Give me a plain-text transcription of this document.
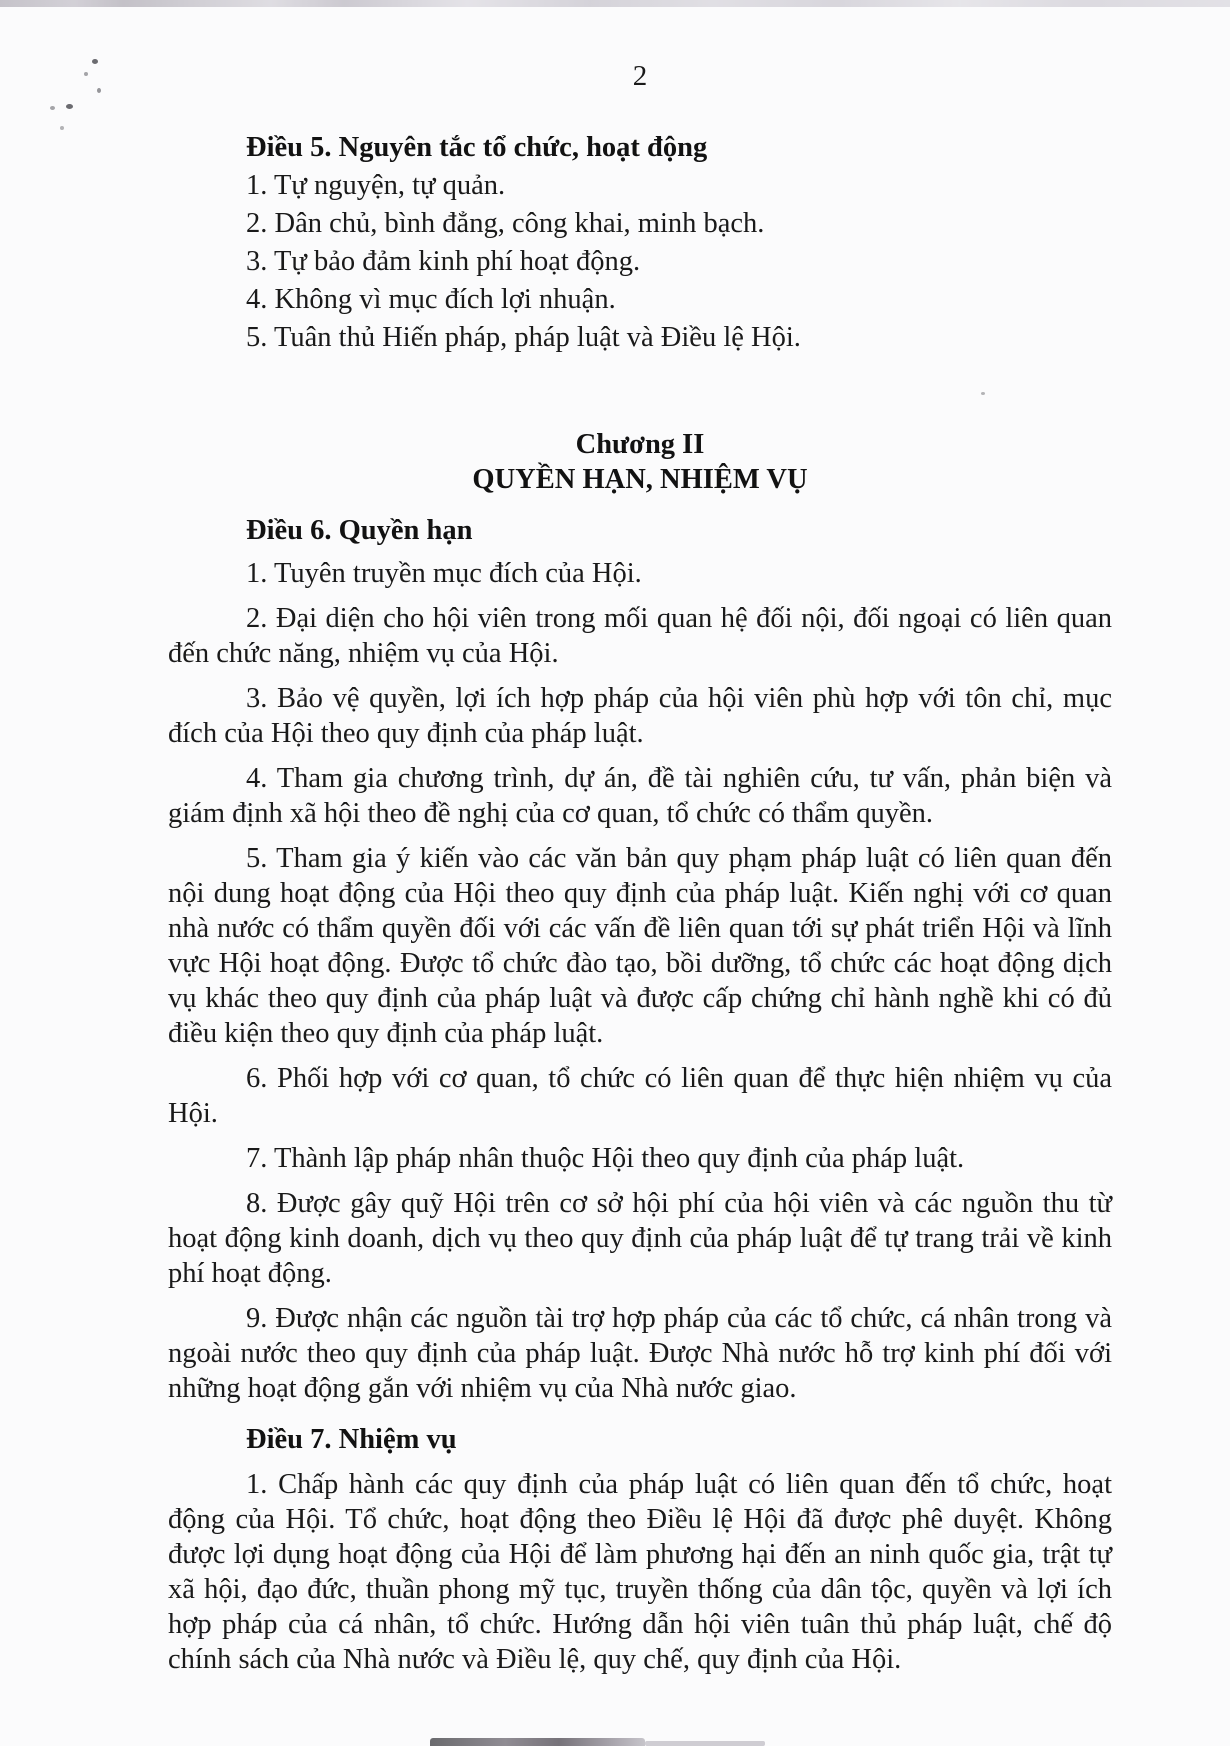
2
Điều 5. Nguyên tắc tổ chức, hoạt động

1. Tự nguyện, tự quản.

2. Dân chủ, bình đẳng, công khai, minh bạch.

3. Tự bảo đảm kinh phí hoạt động.

4. Không vì mục đích lợi nhuận.

5. Tuân thủ Hiến pháp, pháp luật và Điều lệ Hội.

Chương II
QUYỀN HẠN, NHIỆM VỤ
Điều 6. Quyền hạn

1. Tuyên truyền mục đích của Hội.

2. Đại diện cho hội viên trong mối quan hệ đối nội, đối ngoại có liên quan đến chức năng, nhiệm vụ của Hội.

3. Bảo vệ quyền, lợi ích hợp pháp của hội viên phù hợp với tôn chỉ, mục đích của Hội theo quy định của pháp luật.

4. Tham gia chương trình, dự án, đề tài nghiên cứu, tư vấn, phản biện và giám định xã hội theo đề nghị của cơ quan, tổ chức có thẩm quyền.

5. Tham gia ý kiến vào các văn bản quy phạm pháp luật có liên quan đến nội dung hoạt động của Hội theo quy định của pháp luật. Kiến nghị với cơ quan nhà nước có thẩm quyền đối với các vấn đề liên quan tới sự phát triển Hội và lĩnh vực Hội hoạt động. Được tổ chức đào tạo, bồi dưỡng, tổ chức các hoạt động dịch vụ khác theo quy định của pháp luật và được cấp chứng chỉ hành nghề khi có đủ điều kiện theo quy định của pháp luật.

6. Phối hợp với cơ quan, tổ chức có liên quan để thực hiện nhiệm vụ của Hội.

7. Thành lập pháp nhân thuộc Hội theo quy định của pháp luật.

8. Được gây quỹ Hội trên cơ sở hội phí của hội viên và các nguồn thu từ hoạt động kinh doanh, dịch vụ theo quy định của pháp luật để tự trang trải về kinh phí hoạt động.

9. Được nhận các nguồn tài trợ hợp pháp của các tổ chức, cá nhân trong và ngoài nước theo quy định của pháp luật. Được Nhà nước hỗ trợ kinh phí đối với những hoạt động gắn với nhiệm vụ của Nhà nước giao.

Điều 7. Nhiệm vụ

1. Chấp hành các quy định của pháp luật có liên quan đến tổ chức, hoạt động của Hội. Tổ chức, hoạt động theo Điều lệ Hội đã được phê duyệt. Không được lợi dụng hoạt động của Hội để làm phương hại đến an ninh quốc gia, trật tự xã hội, đạo đức, thuần phong mỹ tục, truyền thống của dân tộc, quyền và lợi ích hợp pháp của cá nhân, tổ chức. Hướng dẫn hội viên tuân thủ pháp luật, chế độ chính sách của Nhà nước và Điều lệ, quy chế, quy định của Hội.
